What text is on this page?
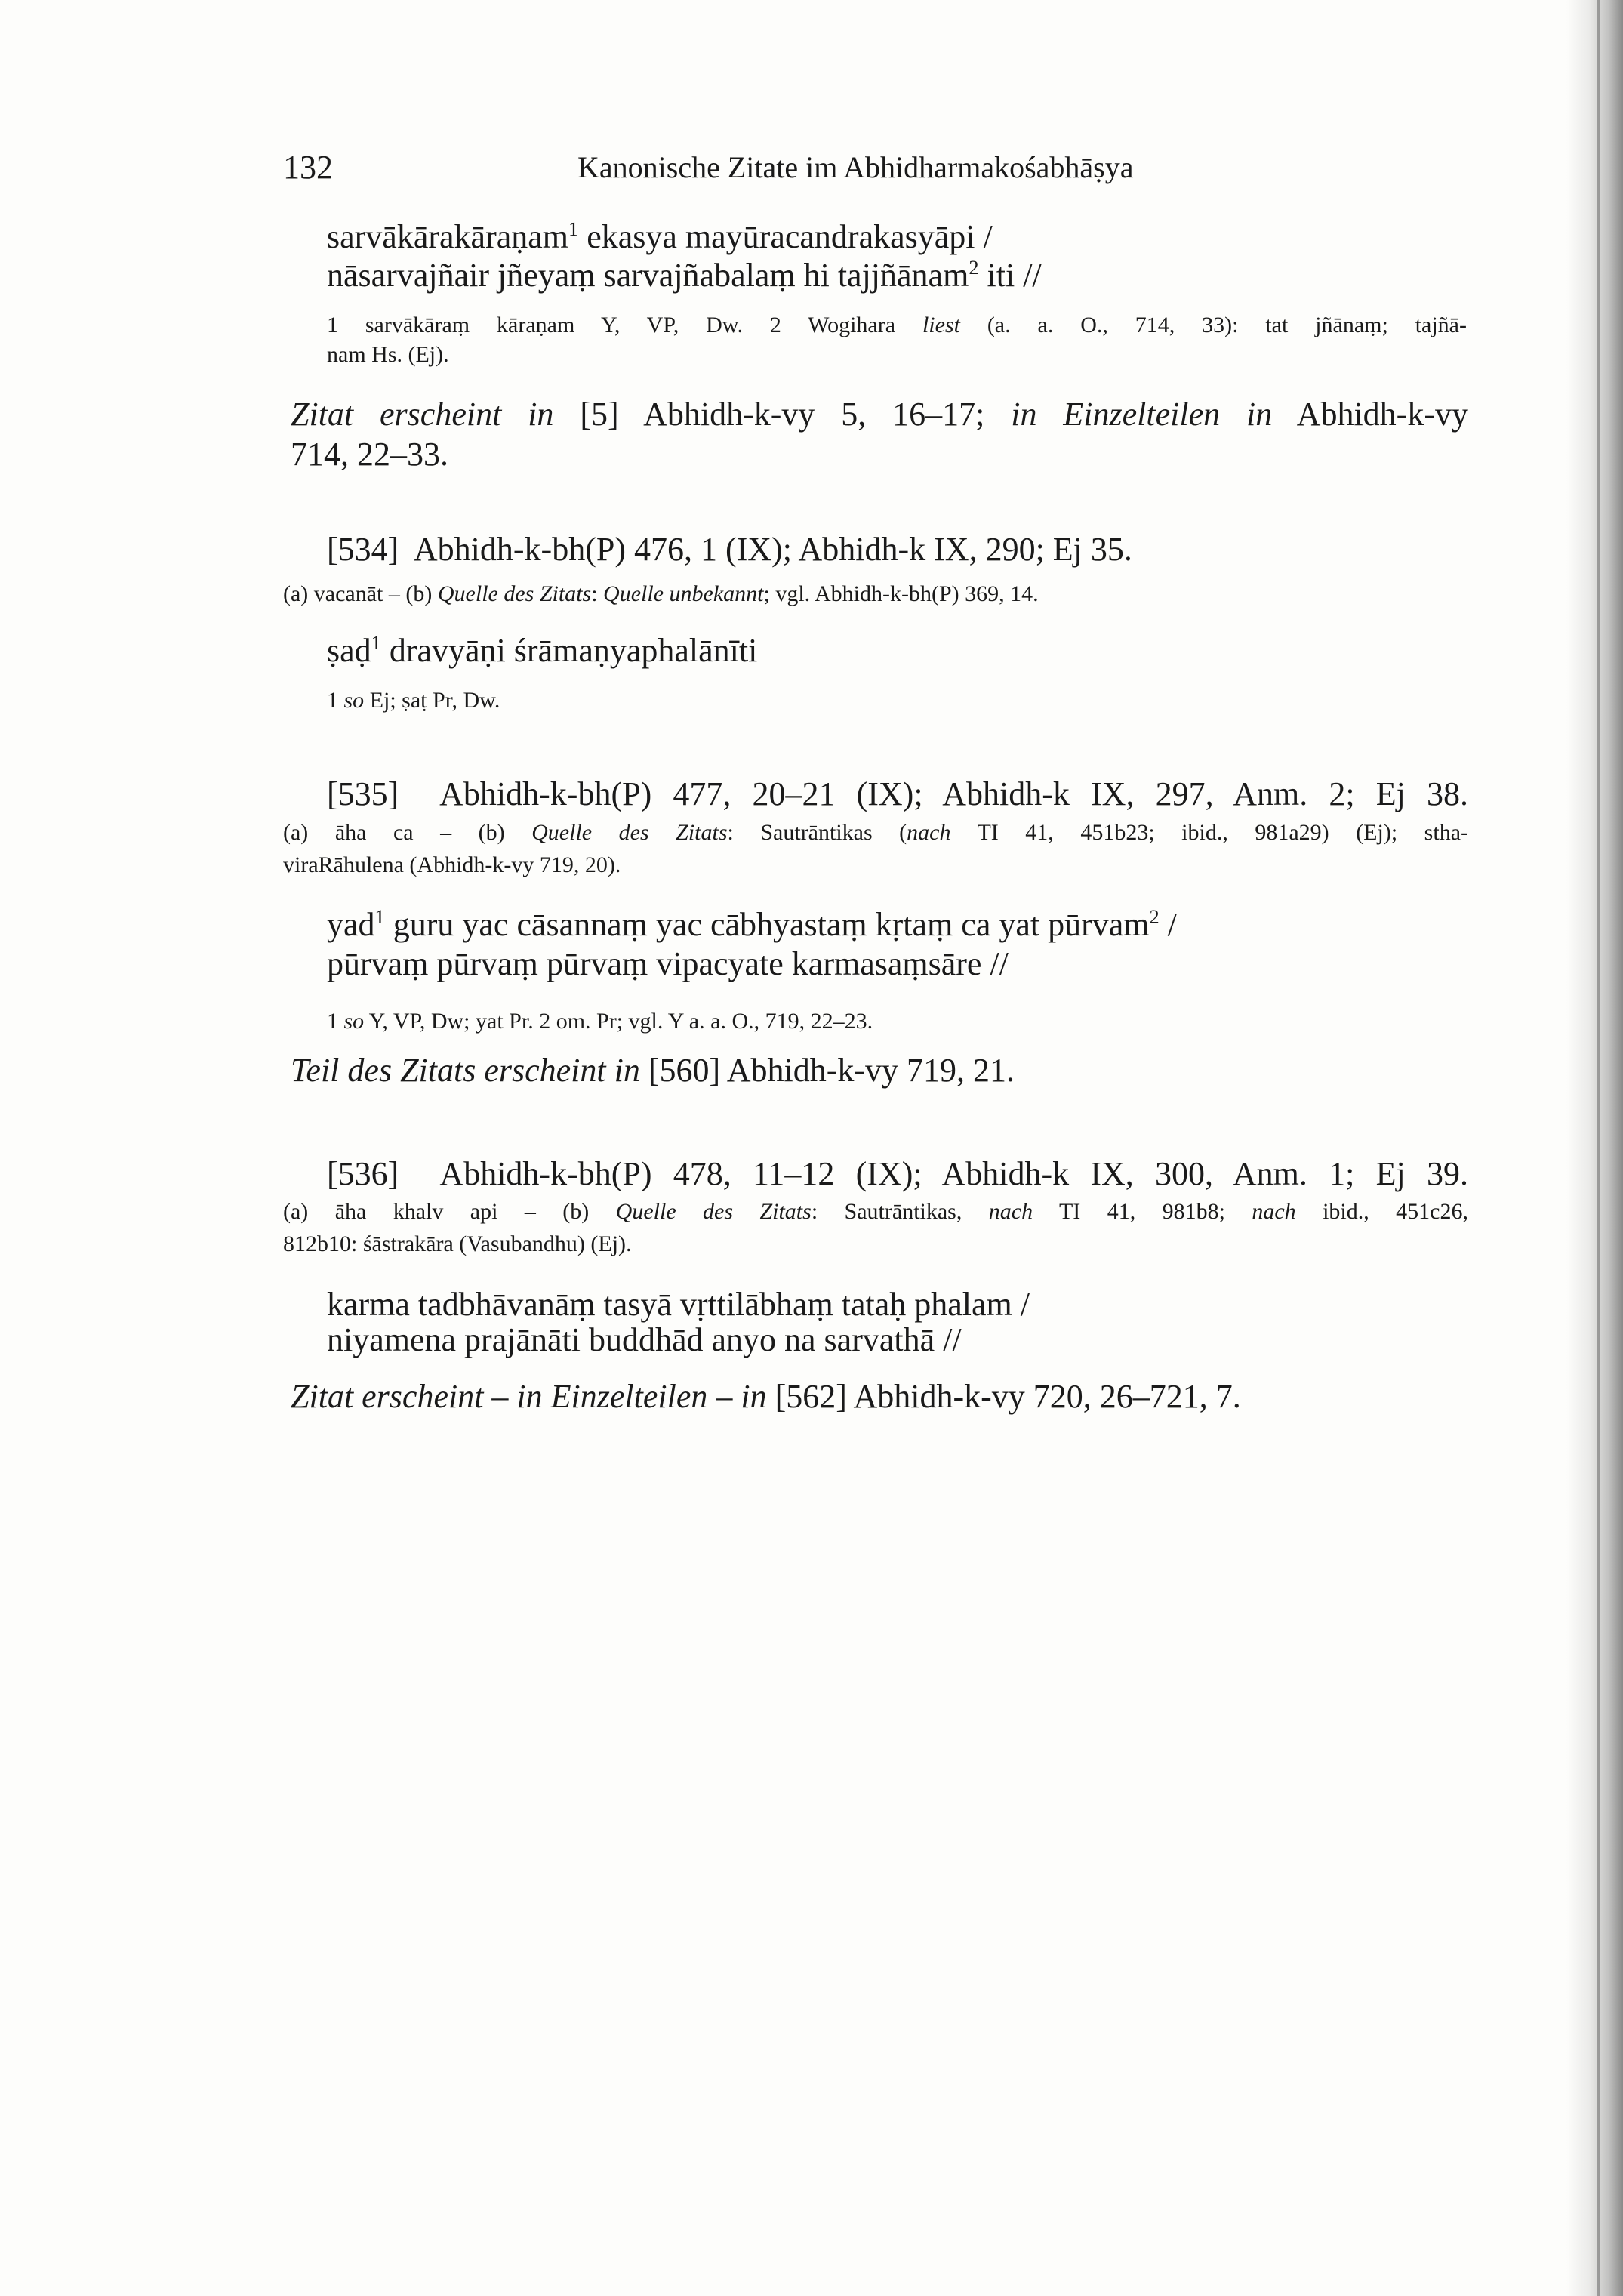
132	Kanonische Zitate im Abhidharmakośabhāṣya
sarvākārakāraṇam$^1$ ekasya mayūracandrakasyāpi /
nāsarvajñair jñeyaṃ sarvajñabalaṃ hi tajjñānam$^2$ iti //
1 sarvākāraṃ kāraṇam Y, VP, Dw. 2 Wogihara liest (a. a. O., 714, 33): tat jñānaṃ; tajñā-
nam Hs. (Ej).
Zitat erscheint in [5] Abhidh-k-vy 5, 16–17; in Einzelteilen in Abhidh-k-vy
714, 22–33.
[534] Abhidh-k-bh(P) 476, 1 (IX); Abhidh-k IX, 290; Ej 35.
(a) vacanāt – (b) Quelle des Zitats: Quelle unbekannt; vgl. Abhidh-k-bh(P) 369, 14.
ṣaḍ$^1$ dravyāṇi śrāmaṇyaphalānīti
1 so Ej; ṣaṭ Pr, Dw.
[535] Abhidh-k-bh(P) 477, 20–21 (IX); Abhidh-k IX, 297, Anm. 2; Ej 38.
(a) āha ca – (b) Quelle des Zitats: Sautrāntikas (nach TI 41, 451b23; ibid., 981a29) (Ej); stha-
viraRāhulena (Abhidh-k-vy 719, 20).
yad$^1$ guru yac cāsannaṃ yac cābhyastaṃ kṛtaṃ ca yat pūrvam$^2$ /
pūrvaṃ pūrvaṃ pūrvaṃ vipacyate karmasaṃsāre //
1 so Y, VP, Dw; yat Pr. 2 om. Pr; vgl. Y a. a. O., 719, 22–23.
Teil des Zitats erscheint in [560] Abhidh-k-vy 719, 21.
[536] Abhidh-k-bh(P) 478, 11–12 (IX); Abhidh-k IX, 300, Anm. 1; Ej 39.
(a) āha khalv api – (b) Quelle des Zitats: Sautrāntikas, nach TI 41, 981b8; nach ibid., 451c26,
812b10: śāstrakāra (Vasubandhu) (Ej).
karma tadbhāvanāṃ tasyā vṛttilābhaṃ tataḥ phalam /
niyamena prajānāti buddhād anyo na sarvathā //
Zitat erscheint – in Einzelteilen – in [562] Abhidh-k-vy 720, 26–721, 7.
